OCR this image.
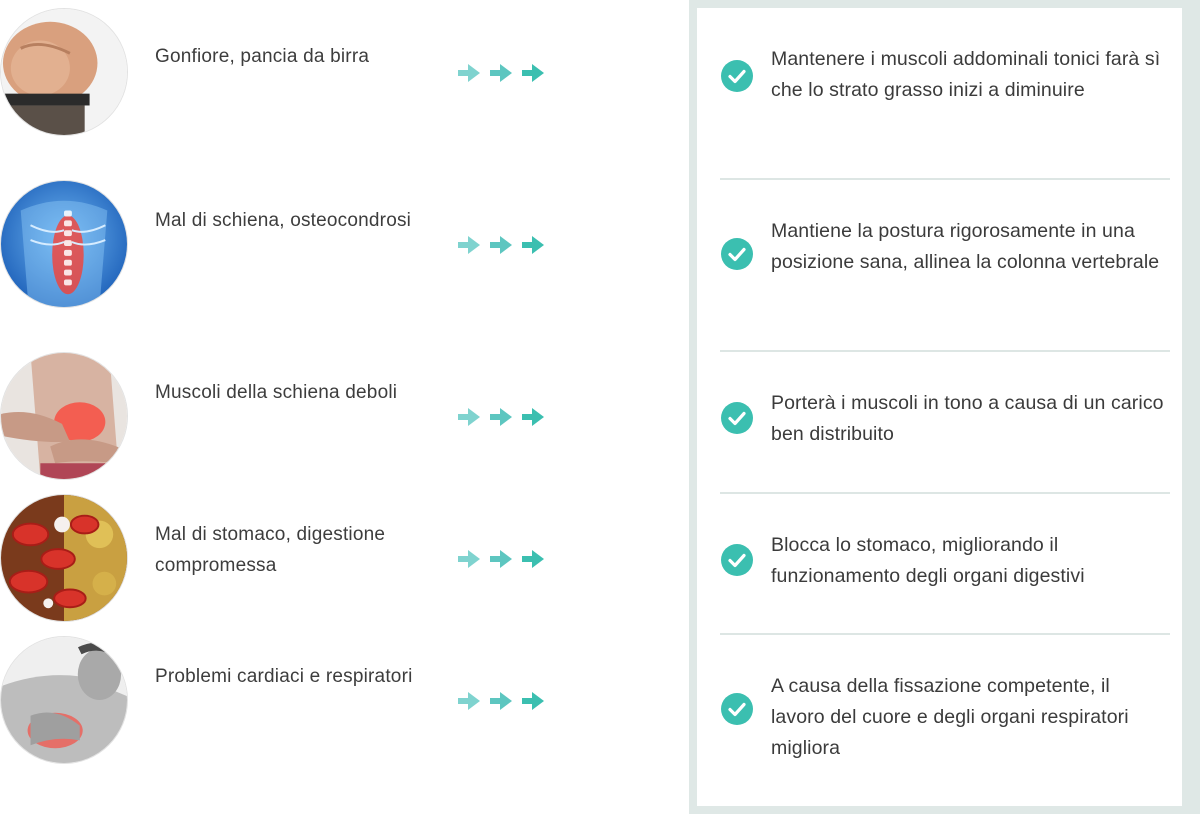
Gonfiore, pancia da birra
Mal di schiena, osteocondrosi
Muscoli della schiena deboli
Mal di stomaco, digestione compromessa
Problemi cardiaci e respiratori
Mantenere i muscoli addominali tonici farà sì che lo strato grasso inizi a diminuire
Mantiene la postura rigorosamente in una posizione sana, allinea la colonna vertebrale
Porterà i muscoli in tono a causa di un carico ben distribuito
Blocca lo stomaco, migliorando il funzionamento degli organi digestivi
A causa della fissazione competente, il lavoro del cuore e degli organi respiratori migliora
